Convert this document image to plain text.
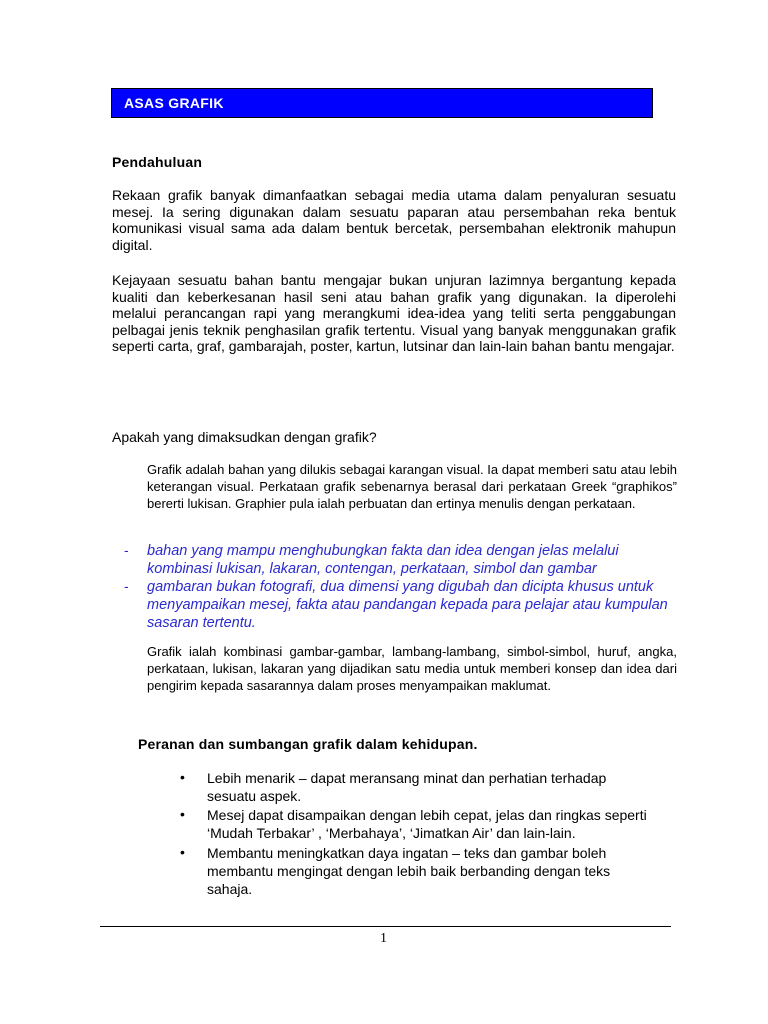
ASAS GRAFIK
Pendahuluan
Rekaan grafik banyak dimanfaatkan sebagai media utama dalam penyaluran sesuatu mesej. Ia sering digunakan dalam sesuatu paparan atau persembahan reka bentuk komunikasi visual sama ada dalam bentuk bercetak, persembahan elektronik mahupun digital.
Kejayaan sesuatu bahan bantu mengajar bukan unjuran lazimnya bergantung kepada kualiti dan keberkesanan hasil seni atau bahan grafik yang digunakan. Ia diperolehi melalui perancangan rapi yang merangkumi idea-idea yang teliti serta penggabungan pelbagai jenis teknik penghasilan grafik tertentu. Visual yang banyak menggunakan grafik seperti carta, graf, gambarajah, poster, kartun, lutsinar dan lain-lain bahan bantu mengajar.
Apakah yang dimaksudkan dengan grafik?
Grafik adalah bahan yang dilukis sebagai karangan visual. Ia dapat memberi satu atau lebih keterangan visual. Perkataan grafik sebenarnya berasal dari perkataan Greek “graphikos” bererti lukisan. Graphier pula ialah perbuatan dan ertinya menulis dengan perkataan.
- bahan yang mampu menghubungkan fakta dan idea dengan jelas melalui kombinasi lukisan, lakaran, contengan, perkataan, simbol dan gambar
- gambaran bukan fotografi, dua dimensi yang digubah dan dicipta khusus untuk menyampaikan mesej, fakta atau pandangan kepada para pelajar atau kumpulan sasaran tertentu.
Grafik ialah kombinasi gambar-gambar, lambang-lambang, simbol-simbol, huruf, angka, perkataan, lukisan, lakaran yang dijadikan satu media untuk memberi konsep dan idea dari pengirim kepada sasarannya dalam proses menyampaikan maklumat.
Peranan dan sumbangan grafik dalam kehidupan.
• Lebih menarik – dapat meransang minat dan perhatian terhadap sesuatu aspek.
• Mesej dapat disampaikan dengan lebih cepat, jelas dan ringkas seperti ‘Mudah Terbakar’ , ‘Merbahaya’, ‘Jimatkan Air’ dan lain-lain.
• Membantu meningkatkan daya ingatan – teks dan gambar boleh membantu mengingat dengan lebih baik berbanding dengan teks sahaja.
1
